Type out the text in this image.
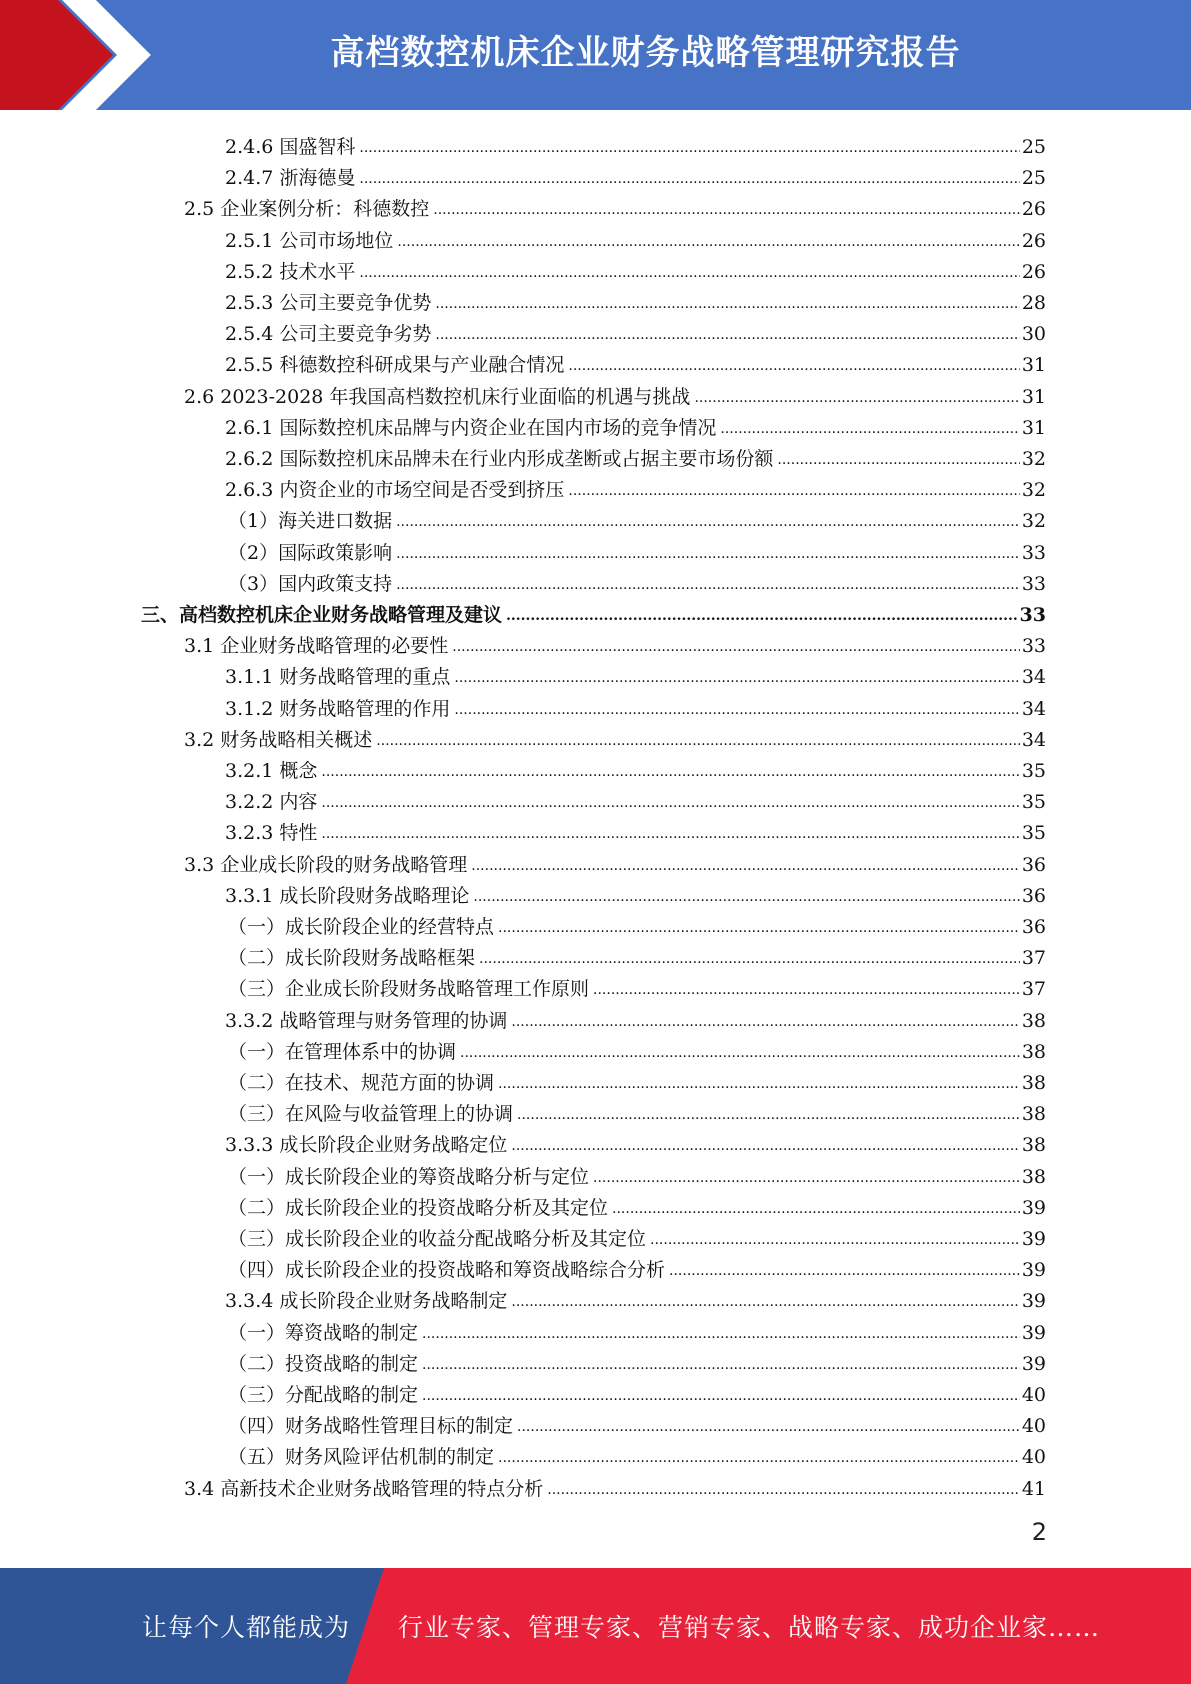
高档数控机床企业财务战略管理研究报告
2.4.6 国盛智科 .....	25
2.4.7 浙海德曼 .....	25
2.5 企业案例分析：科德数控 .....	26
2.5.1 公司市场地位 .....	26
2.5.2 技术水平 .....	26
2.5.3 公司主要竞争优势 .....	28
2.5.4 公司主要竞争劣势 .....	30
2.5.5 科德数控科研成果与产业融合情况 .....	31
2.6 2023-2028 年我国高档数控机床行业面临的机遇与挑战 .....	31
2.6.1 国际数控机床品牌与内资企业在国内市场的竞争情况 .....	31
2.6.2 国际数控机床品牌未在行业内形成垄断或占据主要市场份额 .....	32
2.6.3 内资企业的市场空间是否受到挤压 .....	32
（1）海关进口数据 .....	32
（2）国际政策影响 .....	33
（3）国内政策支持 .....	33
三、高档数控机床企业财务战略管理及建议 .....	33
3.1 企业财务战略管理的必要性 .....	33
3.1.1 财务战略管理的重点 .....	34
3.1.2 财务战略管理的作用 .....	34
3.2 财务战略相关概述 .....	34
3.2.1 概念 .....	35
3.2.2 内容 .....	35
3.2.3 特性 .....	35
3.3 企业成长阶段的财务战略管理 .....	36
3.3.1 成长阶段财务战略理论 .....	36
（一）成长阶段企业的经营特点 .....	36
（二）成长阶段财务战略框架 .....	37
（三）企业成长阶段财务战略管理工作原则 .....	37
3.3.2 战略管理与财务管理的协调 .....	38
（一）在管理体系中的协调 .....	38
（二）在技术、规范方面的协调 .....	38
（三）在风险与收益管理上的协调 .....	38
3.3.3 成长阶段企业财务战略定位 .....	38
（一）成长阶段企业的筹资战略分析与定位 .....	38
（二）成长阶段企业的投资战略分析及其定位 .....	39
（三）成长阶段企业的收益分配战略分析及其定位 .....	39
（四）成长阶段企业的投资战略和筹资战略综合分析 .....	39
3.3.4 成长阶段企业财务战略制定 .....	39
（一）筹资战略的制定 .....	39
（二）投资战略的制定 .....	39
（三）分配战略的制定 .....	40
（四）财务战略性管理目标的制定 .....	40
（五）财务风险评估机制的制定 .....	40
3.4 高新技术企业财务战略管理的特点分析 .....	41
2
让每个人都能成为 行业专家、管理专家、营销专家、战略专家、成功企业家……
